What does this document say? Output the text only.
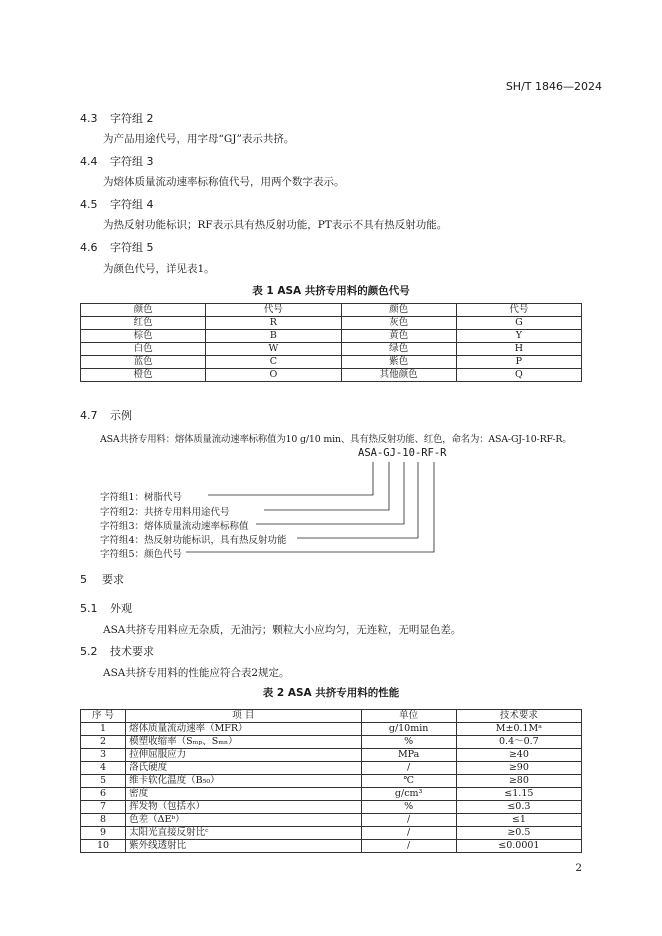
SH/T 1846—2024
4.3 字符组 2
为产品用途代号，用字母“GJ”表示共挤。
4.4 字符组 3
为熔体质量流动速率标称值代号，用两个数字表示。
4.5 字符组 4
为热反射功能标识；RF表示具有热反射功能，PT表示不具有热反射功能。
4.6 字符组 5
为颜色代号，详见表1。
表 1 ASA 共挤专用料的颜色代号
颜色	代号	颜色	代号
红色	R	灰色	G
棕色	B	黄色	Y
白色	W	绿色	H
蓝色	C	紫色	P
橙色	O	其他颜色	Q
4.7 示例
ASA共挤专用料：熔体质量流动速率标称值为10 g/10 min、具有热反射功能、红色，命名为：ASA-GJ-10-RF-R。
ASA-GJ-10-RF-R
字符组1：树脂代号
字符组2：共挤专用料用途代号
字符组3：熔体质量流动速率标称值
字符组4：热反射功能标识，具有热反射功能
字符组5：颜色代号
5 要求
5.1 外观
ASA共挤专用料应无杂质，无油污；颗粒大小应均匀，无连粒，无明显色差。
5.2 技术要求
ASA共挤专用料的性能应符合表2规定。
表 2 ASA 共挤专用料的性能
序 号	项 目	单位	技术要求
1	熔体质量流动速率（MFR）	g/10min	M±0.1Mᵃ
2	模塑收缩率（Sₘₚ、Sₘₙ）	%	0.4～0.7
3	拉伸屈服应力	MPa	≥40
4	洛氏硬度	/	≥90
5	维卡软化温度（B₅₀）	℃	≥80
6	密度	g/cm³	≤1.15
7	挥发物（包括水）	%	≤0.3
8	色差（ΔEᵇ）	/	≤1
9	太阳光直接反射比ᶜ	/	≥0.5
10	紫外线透射比	/	≤0.0001
2
